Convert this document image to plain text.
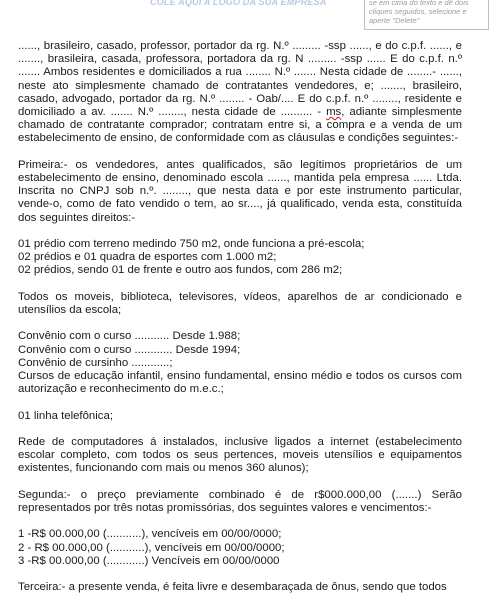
COLE AQUI A LOGO DA SUA EMPRESA	se em cima do texto e dê dois cliques seguidos, selecione e aperte "Delete"

......, brasileiro, casado, professor, portador da rg. N.º ......... -ssp ......, e do c.p.f. ......, e ......., brasileira, casada, professora, portadora da rg. N ......... -ssp ...... E do c.p.f. n.º ....... Ambos residentes e domiciliados a rua ........ N.º ....... Nesta cidade de ........- ......, neste ato simplesmente chamado de contratantes vendedores, e; ......., brasileiro, casado, advogado, portador da rg. N.º ........ - Oab/.... E do c.p.f. n.º ........, residente e domiciliado a av. ....... N.º ........, nesta cidade de .......... - ms, adiante simplesmente chamado de contratante comprador; contratam entre si, a compra e a venda de um estabelecimento de ensino, de conformidade com as cláusulas e condições seguintes:-

Primeira:- os vendedores, antes qualificados, são legítimos proprietários de um estabelecimento de ensino, denominado escola ......, mantida pela empresa ...... Ltda. Inscrita no CNPJ sob n.º. ........, que nesta data e por este instrumento particular, vende-o, como de fato vendido o tem, ao sr...., já qualificado, venda esta, constituída dos seguintes direitos:-

01 prédio com terreno medindo 750 m2, onde funciona a pré-escola;

02 prédios e 01 quadra de esportes com 1.000 m2;

02 prédios, sendo 01 de frente e outro aos fundos, com 286 m2;

Todos os moveis, biblioteca, televisores, vídeos, aparelhos de ar condicionado e utensílios da escola;

Convênio com o curso ........... Desde 1.988;

Convênio com o curso ............ Desde 1994;

Convênio de cursinho ............;

Cursos de educação infantil, ensino fundamental, ensino médio e todos os cursos com autorização e reconhecimento do m.e.c.;

01 linha telefônica;

Rede de computadores á instalados, inclusive ligados a internet (estabelecimento escolar completo, com todos os seus pertences, moveis utensílios e equipamentos existentes, funcionando com mais ou menos 360 alunos);

Segunda:- o preço previamente combinado é de r$000.000,00 (.......) Serão representados por três notas promissórias, dos seguintes valores e vencimentos:-

1 -R$ 00.000,00 (...........), vencíveis em 00/00/0000;

2 - R$ 00.000,00 (...........), vencíveis em 00/00/0000;

3 -R$ 00.000,00 (............) Vencíveis em 00/00/0000

Terceira:- a presente venda, é feita livre e desembaraçada de ônus, sendo que todos
